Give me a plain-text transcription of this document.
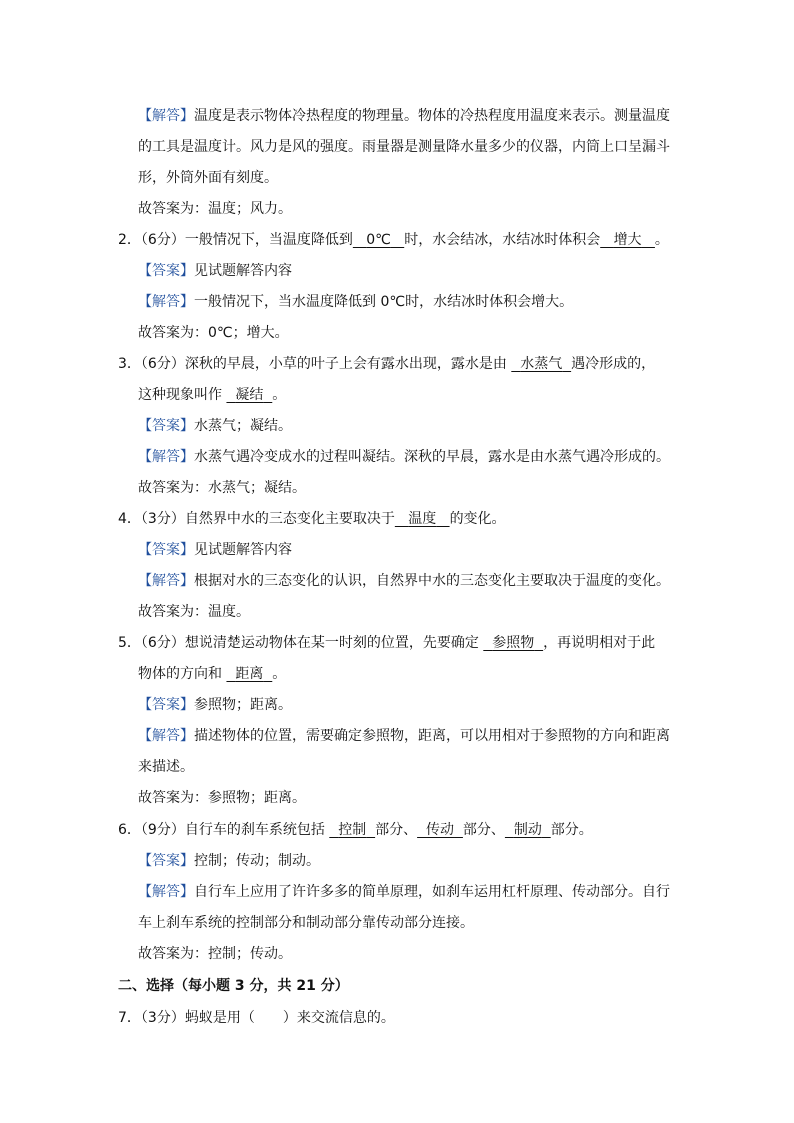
【解答】温度是表示物体冷热程度的物理量。物体的冷热程度用温度来表示。测量温度
的工具是温度计。风力是风的强度。雨量器是测量降水量多少的仪器，内筒上口呈漏斗
形，外筒外面有刻度。
故答案为：温度；风力。
2．（6分）一般情况下，当温度降低到 0℃ 时，水会结冰，水结冰时体积会 增大 。
【答案】见试题解答内容
【解答】一般情况下，当水温度降低到 0℃时，水结冰时体积会增大。
故答案为：0℃；增大。
3．（6分）深秋的早晨，小草的叶子上会有露水出现，露水是由 水蒸气 遇冷形成的，
这种现象叫作 凝结 。
【答案】水蒸气；凝结。
【解答】水蒸气遇冷变成水的过程叫凝结。深秋的早晨，露水是由水蒸气遇冷形成的。
故答案为：水蒸气；凝结。
4．（3分）自然界中水的三态变化主要取决于 温度 的变化。
【答案】见试题解答内容
【解答】根据对水的三态变化的认识，自然界中水的三态变化主要取决于温度的变化。
故答案为：温度。
5．（6分）想说清楚运动物体在某一时刻的位置，先要确定 参照物 ，再说明相对于此
物体的方向和 距离 。
【答案】参照物；距离。
【解答】描述物体的位置，需要确定参照物，距离，可以用相对于参照物的方向和距离
来描述。
故答案为：参照物；距离。
6．（9分）自行车的刹车系统包括 控制 部分、 传动 部分、 制动 部分。
【答案】控制；传动；制动。
【解答】自行车上应用了许许多多的简单原理，如刹车运用杠杆原理、传动部分。自行
车上刹车系统的控制部分和制动部分靠传动部分连接。
故答案为：控制；传动。
二、选择（每小题 3 分，共 21 分）
7．（3分）蚂蚁是用（　　 ）来交流信息的。
